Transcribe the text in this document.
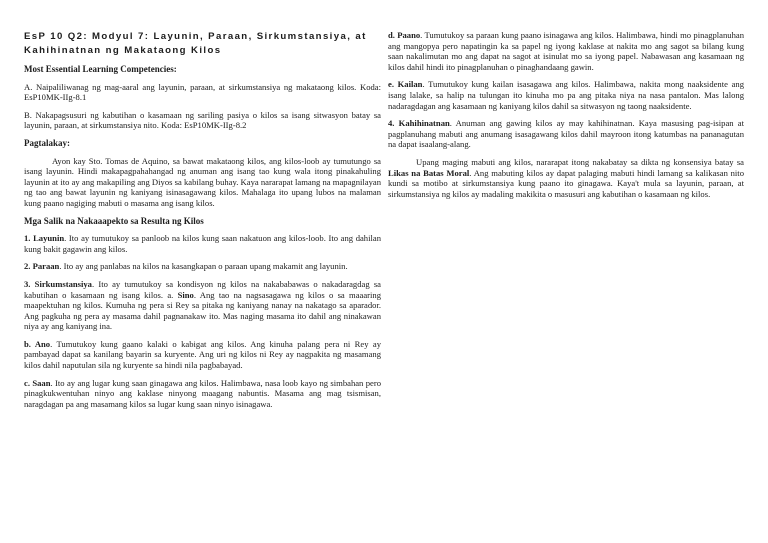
EsP 10 Q2: Modyul 7: Layunin, Paraan, Sirkumstansiya, at Kahihinatnan ng Makataong Kilos

Most Essential Learning Competencies:

A. Naipaliliwanag ng mag-aaral ang layunin, paraan, at sirkumstansiya ng makataong kilos. Koda: EsP10MK-IIg-8.1

B. Nakapagsusuri ng kabutihan o kasamaan ng sariling pasiya o kilos sa isang sitwasyon batay sa layunin, paraan, at sirkumstansiya nito. Koda: EsP10MK-IIg-8.2

Pagtalakay:

Ayon kay Sto. Tomas de Aquino, sa bawat makataong kilos, ang kilos-loob ay tumutungo sa isang layunin. Hindi makapagpahahangad ng anuman ang isang tao kung wala itong pinakahuling layunin at ito ay ang makapiling ang Diyos sa kabilang buhay. Kaya nararapat lamang na mapagnilayan ng tao ang bawat layunin ng kaniyang isinasagawang kilos. Mahalaga ito upang lubos na malaman kung paano nagiging mabuti o masama ang isang kilos.

Mga Salik na Nakaaapekto sa Resulta ng Kilos

1. Layunin. Ito ay tumutukoy sa panloob na kilos kung saan nakatuon ang kilos-loob. Ito ang dahilan kung bakit gagawin ang kilos.

2. Paraan. Ito ay ang panlabas na kilos na kasangkapan o paraan upang makamit ang layunin.

3. Sirkumstansiya. Ito ay tumutukoy sa kondisyon ng kilos na nakababawas o nakadaragdag sa kabutihan o kasamaan ng isang kilos. a. Sino. Ang tao na nagsasagawa ng kilos o sa maaaring maapektuhan ng kilos. Kumuha ng pera si Rey sa pitaka ng kaniyang nanay na nakatago sa aparador. Ang pagkuha ng pera ay masama dahil pagnanakaw ito. Mas naging masama ito dahil ang ninakawan niya ay ang kaniyang ina.

b. Ano. Tumutukoy kung gaano kalaki o kabigat ang kilos. Ang kinuha palang pera ni Rey ay pambayad dapat sa kanilang bayarin sa kuryente. Ang uri ng kilos ni Rey ay nagpakita ng masamang kilos dahil naputulan sila ng kuryente sa hindi nila pagbabayad.

c. Saan. Ito ay ang lugar kung saan ginagawa ang kilos. Halimbawa, nasa loob kayo ng simbahan pero pinagkukwentuhan ninyo ang kaklase ninyong maagang nabuntis. Masama ang mag tsismisan, naragdagan pa ang masamang kilos sa lugar kung saan ninyo isinagawa.

d. Paano. Tumutukoy sa paraan kung paano isinagawa ang kilos. Halimbawa, hindi mo pinagplanuhan ang mangopya pero napatingin ka sa papel ng iyong kaklase at nakita mo ang sagot sa bilang kung saan nakalimutan mo ang dapat na sagot at isinulat mo sa iyong papel. Nabawasan ang kasamaan ng kilos dahil hindi ito pinagplanuhan o pinaghandaang gawin.

e. Kailan. Tumutukoy kung kailan isasagawa ang kilos. Halimbawa, nakita mong naaksidente ang isang lalake, sa halip na tulungan ito kinuha mo pa ang pitaka niya na nasa pantalon. Mas lalong nadaragdagan ang kasamaan ng kaniyang kilos dahil sa sitwasyon ng taong naaksidente.

4. Kahihinatnan. Anuman ang gawing kilos ay may kahihinatnan. Kaya masusing pag-isipan at pagplanuhang mabuti ang anumang isasagawang kilos dahil mayroon itong katumbas na pananagutan na dapat isaalang-alang.

Upang maging mabuti ang kilos, nararapat itong nakabatay sa dikta ng konsensiya batay sa Likas na Batas Moral. Ang mabuting kilos ay dapat palaging mabuti hindi lamang sa kalikasan nito kundi sa motibo at sirkumstansiya kung paano ito ginagawa. Kaya't mula sa layunin, paraan, at sirkumstansiya ng kilos ay madaling makikita o masusuri ang kabutihan o kasamaan ng kilos.
